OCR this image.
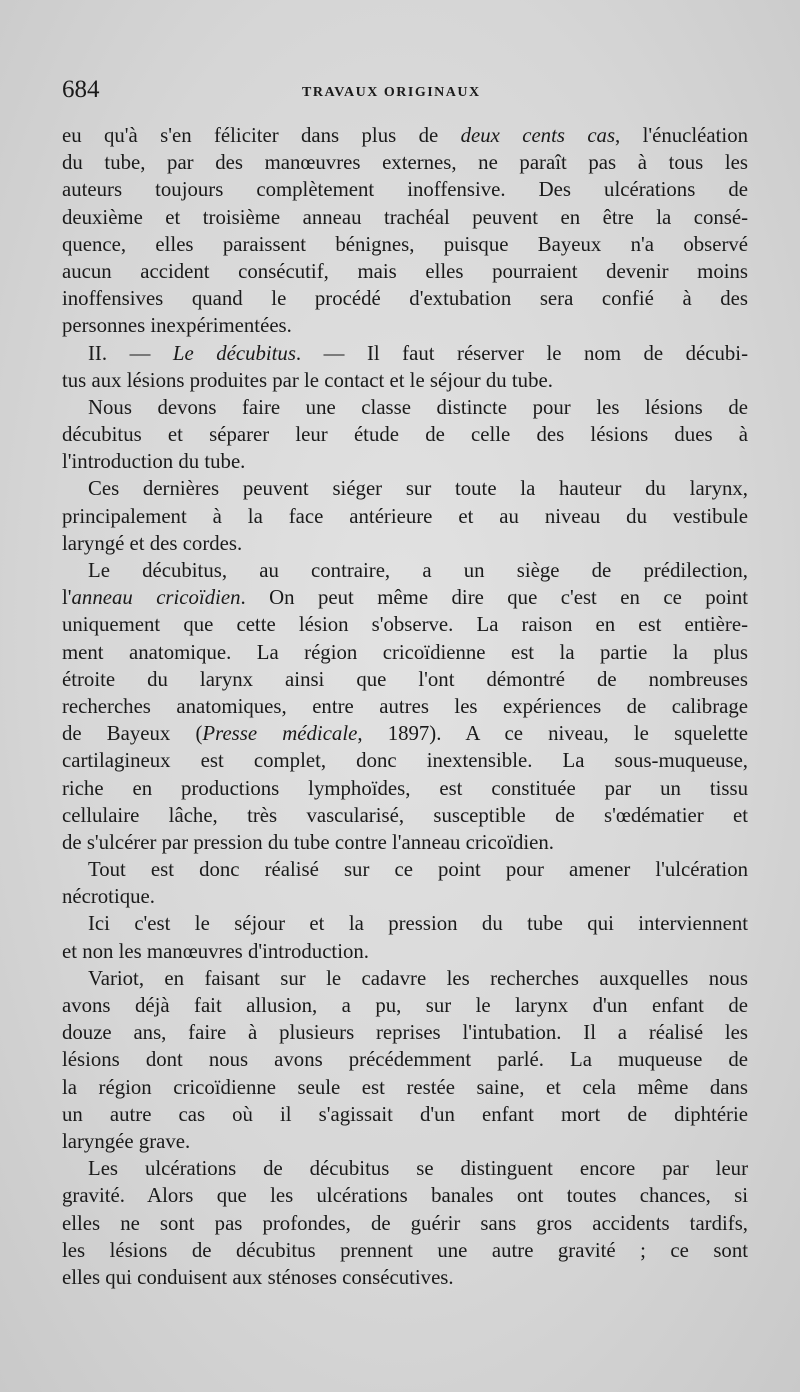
684	TRAVAUX ORIGINAUX
eu qu'à s'en féliciter dans plus de deux cents cas, l'énucléation
du tube, par des manœuvres externes, ne paraît pas à tous les
auteurs toujours complètement inoffensive. Des ulcérations de
deuxième et troisième anneau trachéal peuvent en être la consé-
quence, elles paraissent bénignes, puisque Bayeux n'a observé
aucun accident consécutif, mais elles pourraient devenir moins
inoffensives quand le procédé d'extubation sera confié à des
personnes inexpérimentées.
II. — Le décubitus. — Il faut réserver le nom de décubi-
tus aux lésions produites par le contact et le séjour du tube.
Nous devons faire une classe distincte pour les lésions de
décubitus et séparer leur étude de celle des lésions dues à
l'introduction du tube.
Ces dernières peuvent siéger sur toute la hauteur du larynx,
principalement à la face antérieure et au niveau du vestibule
laryngé et des cordes.
Le décubitus, au contraire, a un siège de prédilection,
l'anneau cricoïdien. On peut même dire que c'est en ce point
uniquement que cette lésion s'observe. La raison en est entière-
ment anatomique. La région cricoïdienne est la partie la plus
étroite du larynx ainsi que l'ont démontré de nombreuses
recherches anatomiques, entre autres les expériences de calibrage
de Bayeux (Presse médicale, 1897). A ce niveau, le squelette
cartilagineux est complet, donc inextensible. La sous-muqueuse,
riche en productions lymphoïdes, est constituée par un tissu
cellulaire lâche, très vascularisé, susceptible de s'œdématier et
de s'ulcérer par pression du tube contre l'anneau cricoïdien.
Tout est donc réalisé sur ce point pour amener l'ulcération
nécrotique.
Ici c'est le séjour et la pression du tube qui interviennent
et non les manœuvres d'introduction.
Variot, en faisant sur le cadavre les recherches auxquelles nous
avons déjà fait allusion, a pu, sur le larynx d'un enfant de
douze ans, faire à plusieurs reprises l'intubation. Il a réalisé les
lésions dont nous avons précédemment parlé. La muqueuse de
la région cricoïdienne seule est restée saine, et cela même dans
un autre cas où il s'agissait d'un enfant mort de diphtérie
laryngée grave.
Les ulcérations de décubitus se distinguent encore par leur
gravité. Alors que les ulcérations banales ont toutes chances, si
elles ne sont pas profondes, de guérir sans gros accidents tardifs,
les lésions de décubitus prennent une autre gravité ; ce sont
elles qui conduisent aux sténoses consécutives.
